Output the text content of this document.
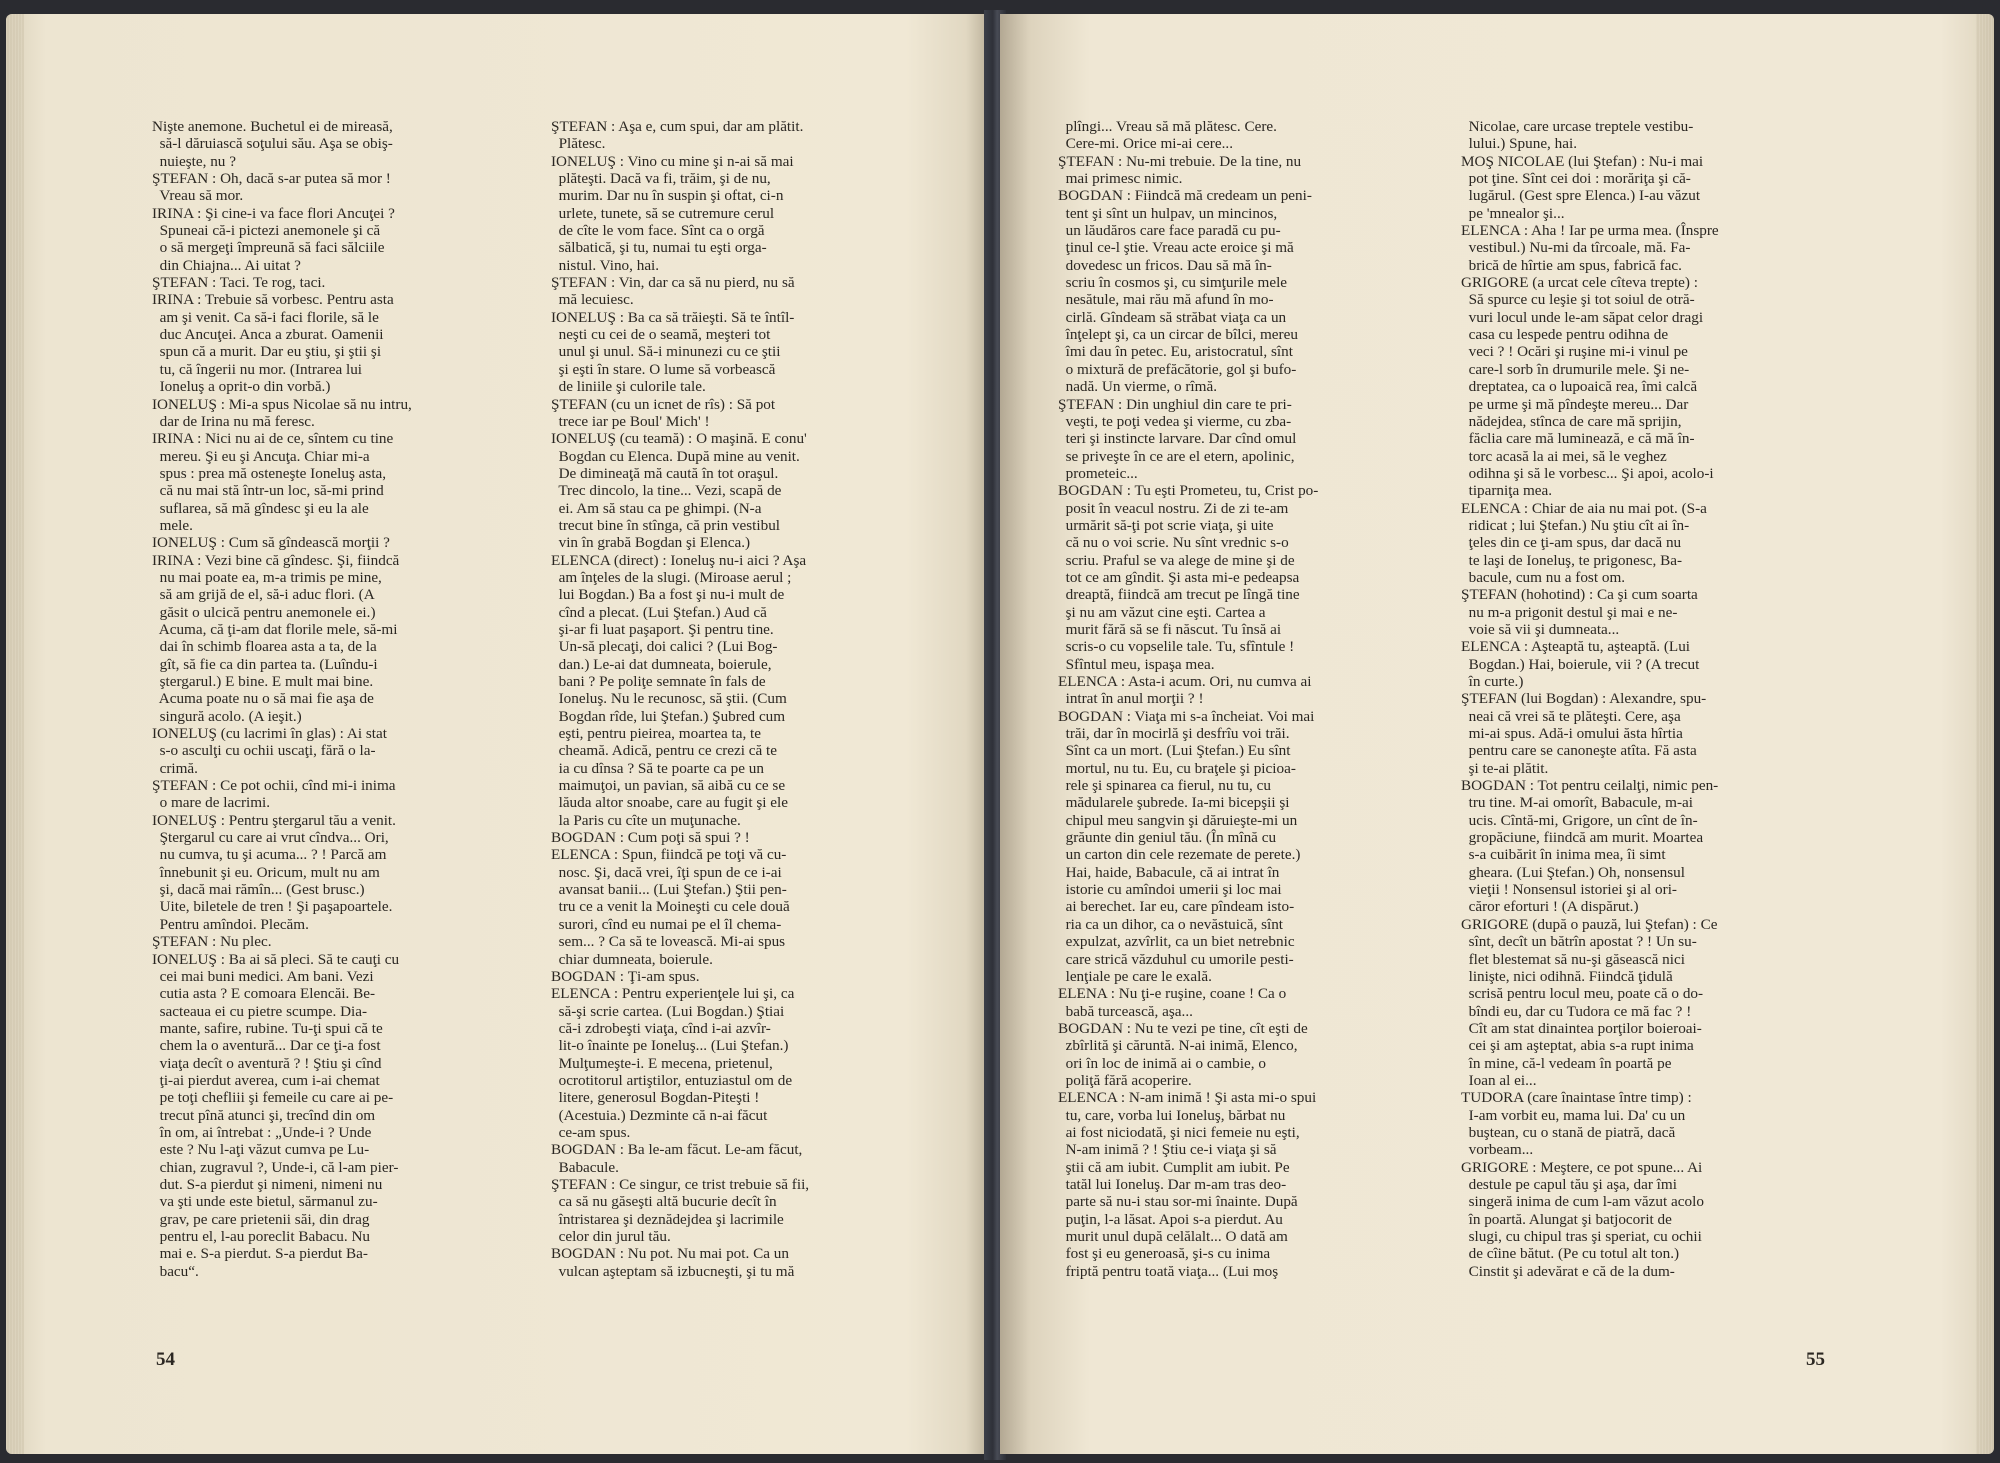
Nişte anemone. Buchetul ei de mireasă,
să-l dăruiască soţului său. Aşa se obiş-
nuieşte, nu ?
ŞTEFAN : Oh, dacă s-ar putea să mor !
Vreau să mor.
IRINA : Şi cine-i va face flori Ancuţei ?
Spuneai că-i pictezi anemonele şi că
o să mergeţi împreună să faci sălciile
din Chiajna... Ai uitat ?
ŞTEFAN : Taci. Te rog, taci.
IRINA : Trebuie să vorbesc. Pentru asta
am şi venit. Ca să-i faci florile, să le
duc Ancuţei. Anca a zburat. Oamenii
spun că a murit. Dar eu ştiu, şi ştii şi
tu, că îngerii nu mor. (Intrarea lui
Ioneluş a oprit-o din vorbă.)
IONELUŞ : Mi-a spus Nicolae să nu intru,
dar de Irina nu mă feresc.
IRINA : Nici nu ai de ce, sîntem cu tine
mereu. Şi eu şi Ancuţa. Chiar mi-a
spus : prea mă osteneşte Ioneluş asta,
că nu mai stă într-un loc, să-mi prind
suflarea, să mă gîndesc şi eu la ale
mele.
IONELUŞ : Cum să gîndească morţii ?
IRINA : Vezi bine că gîndesc. Şi, fiindcă
nu mai poate ea, m-a trimis pe mine,
să am grijă de el, să-i aduc flori. (A
găsit o ulcică pentru anemonele ei.)
Acuma, că ţi-am dat florile mele, să-mi
dai în schimb floarea asta a ta, de la
gît, să fie ca din partea ta. (Luîndu-i
ştergarul.) E bine. E mult mai bine.
Acuma poate nu o să mai fie aşa de
singură acolo. (A ieşit.)
IONELUŞ (cu lacrimi în glas) : Ai stat
s-o asculţi cu ochii uscaţi, fără o la-
crimă.
ŞTEFAN : Ce pot ochii, cînd mi-i inima
o mare de lacrimi.
IONELUŞ : Pentru ştergarul tău a venit.
Ştergarul cu care ai vrut cîndva... Ori,
nu cumva, tu şi acuma... ? ! Parcă am
înnebunit şi eu. Oricum, mult nu am
şi, dacă mai rămîn... (Gest brusc.)
Uite, biletele de tren ! Şi paşapoartele.
Pentru amîndoi. Plecăm.
ŞTEFAN : Nu plec.
IONELUŞ : Ba ai să pleci. Să te cauţi cu
cei mai buni medici. Am bani. Vezi
cutia asta ? E comoara Elencăi. Be-
sacteaua ei cu pietre scumpe. Dia-
mante, safire, rubine. Tu-ţi spui că te
chem la o aventură... Dar ce ţi-a fost
viaţa decît o aventură ? ! Ştiu şi cînd
ţi-ai pierdut averea, cum i-ai chemat
pe toţi chefliii şi femeile cu care ai pe-
trecut pînă atunci şi, trecînd din om
în om, ai întrebat : „Unde-i ? Unde
este ? Nu l-aţi văzut cumva pe Lu-
chian, zugravul ?, Unde-i, că l-am pier-
dut. S-a pierdut şi nimeni, nimeni nu
va şti unde este bietul, sărmanul zu-
grav, pe care prietenii săi, din drag
pentru el, l-au poreclit Babacu. Nu
mai e. S-a pierdut. S-a pierdut Ba-
bacu“.
ŞTEFAN : Aşa e, cum spui, dar am plătit.
Plătesc.
IONELUŞ : Vino cu mine şi n-ai să mai
plăteşti. Dacă va fi, trăim, şi de nu,
murim. Dar nu în suspin şi oftat, ci-n
urlete, tunete, să se cutremure cerul
de cîte le vom face. Sînt ca o orgă
sălbatică, şi tu, numai tu eşti orga-
nistul. Vino, hai.
ŞTEFAN : Vin, dar ca să nu pierd, nu să
mă lecuiesc.
IONELUŞ : Ba ca să trăieşti. Să te întîl-
neşti cu cei de o seamă, meşteri tot
unul şi unul. Să-i minunezi cu ce ştii
şi eşti în stare. O lume să vorbească
de liniile şi culorile tale.
ŞTEFAN (cu un icnet de rîs) : Să pot
trece iar pe Boul' Mich' !
IONELUŞ (cu teamă) : O maşină. E conu'
Bogdan cu Elenca. După mine au venit.
De dimineaţă mă caută în tot oraşul.
Trec dincolo, la tine... Vezi, scapă de
ei. Am să stau ca pe ghimpi. (N-a
trecut bine în stînga, că prin vestibul
vin în grabă Bogdan şi Elenca.)
ELENCA (direct) : Ioneluş nu-i aici ? Aşa
am înţeles de la slugi. (Miroase aerul ;
lui Bogdan.) Ba a fost şi nu-i mult de
cînd a plecat. (Lui Ştefan.) Aud că
şi-ar fi luat paşaport. Şi pentru tine.
Un-să plecaţi, doi calici ? (Lui Bog-
dan.) Le-ai dat dumneata, boierule,
bani ? Pe poliţe semnate în fals de
Ioneluş. Nu le recunosc, să ştii. (Cum
Bogdan rîde, lui Ştefan.) Şubred cum
eşti, pentru pieirea, moartea ta, te
cheamă. Adică, pentru ce crezi că te
ia cu dînsa ? Să te poarte ca pe un
maimuţoi, un pavian, să aibă cu ce se
lăuda altor snoabe, care au fugit şi ele
la Paris cu cîte un muţunache.
BOGDAN : Cum poţi să spui ? !
ELENCA : Spun, fiindcă pe toţi vă cu-
nosc. Şi, dacă vrei, îţi spun de ce i-ai
avansat banii... (Lui Ştefan.) Ştii pen-
tru ce a venit la Moineşti cu cele două
surori, cînd eu numai pe el îl chema-
sem... ? Ca să te lovească. Mi-ai spus
chiar dumneata, boierule.
BOGDAN : Ţi-am spus.
ELENCA : Pentru experienţele lui şi, ca
să-şi scrie cartea. (Lui Bogdan.) Ştiai
că-i zdrobeşti viaţa, cînd i-ai azvîr-
lit-o înainte pe Ioneluş... (Lui Ştefan.)
Mulţumeşte-i. E mecena, prietenul,
ocrotitorul artiştilor, entuziastul om de
litere, generosul Bogdan-Piteşti !
(Acestuia.) Dezminte că n-ai făcut
ce-am spus.
BOGDAN : Ba le-am făcut. Le-am făcut,
Babacule.
ŞTEFAN : Ce singur, ce trist trebuie să fii,
ca să nu găseşti altă bucurie decît în
întristarea şi deznădejdea şi lacrimile
celor din jurul tău.
BOGDAN : Nu pot. Nu mai pot. Ca un
vulcan aşteptam să izbucneşti, şi tu mă
54
plîngi... Vreau să mă plătesc. Cere.
Cere-mi. Orice mi-ai cere...
ŞTEFAN : Nu-mi trebuie. De la tine, nu
mai primesc nimic.
BOGDAN : Fiindcă mă credeam un peni-
tent şi sînt un hulpav, un mincinos,
un lăudăros care face paradă cu pu-
ţinul ce-l ştie. Vreau acte eroice şi mă
dovedesc un fricos. Dau să mă în-
scriu în cosmos şi, cu simţurile mele
nesătule, mai rău mă afund în mo-
cirlă. Gîndeam să străbat viaţa ca un
înţelept şi, ca un circar de bîlci, mereu
îmi dau în petec. Eu, aristocratul, sînt
o mixtură de prefăcătorie, gol şi bufo-
nadă. Un vierme, o rîmă.
ŞTEFAN : Din unghiul din care te pri-
veşti, te poţi vedea şi vierme, cu zba-
teri şi instincte larvare. Dar cînd omul
se priveşte în ce are el etern, apolinic,
prometeic...
BOGDAN : Tu eşti Prometeu, tu, Crist po-
posit în veacul nostru. Zi de zi te-am
urmărit să-ţi pot scrie viaţa, şi uite
că nu o voi scrie. Nu sînt vrednic s-o
scriu. Praful se va alege de mine şi de
tot ce am gîndit. Şi asta mi-e pedeapsa
dreaptă, fiindcă am trecut pe lîngă tine
şi nu am văzut cine eşti. Cartea a
murit fără să se fi născut. Tu însă ai
scris-o cu vopselile tale. Tu, sfîntule !
Sfîntul meu, ispaşa mea.
ELENCA : Asta-i acum. Ori, nu cumva ai
intrat în anul morţii ? !
BOGDAN : Viaţa mi s-a încheiat. Voi mai
trăi, dar în mocirlă şi desfrîu voi trăi.
Sînt ca un mort. (Lui Ştefan.) Eu sînt
mortul, nu tu. Eu, cu braţele şi picioa-
rele şi spinarea ca fierul, nu tu, cu
mădularele şubrede. Ia-mi bicepşii şi
chipul meu sangvin şi dăruieşte-mi un
grăunte din geniul tău. (În mînă cu
un carton din cele rezemate de perete.)
Hai, haide, Babacule, că ai intrat în
istorie cu amîndoi umerii şi loc mai
ai berechet. Iar eu, care pîndeam isto-
ria ca un dihor, ca o nevăstuică, sînt
expulzat, azvîrlit, ca un biet netrebnic
care strică văzduhul cu umorile pesti-
lenţiale pe care le exală.
ELENA : Nu ţi-e ruşine, coane ! Ca o
babă turcească, aşa...
BOGDAN : Nu te vezi pe tine, cît eşti de
zbîrlită şi căruntă. N-ai inimă, Elenco,
ori în loc de inimă ai o cambie, o
poliţă fără acoperire.
ELENCA : N-am inimă ! Şi asta mi-o spui
tu, care, vorba lui Ioneluş, bărbat nu
ai fost niciodată, şi nici femeie nu eşti,
N-am inimă ? ! Ştiu ce-i viaţa şi să
ştii că am iubit. Cumplit am iubit. Pe
tatăl lui Ioneluş. Dar m-am tras deo-
parte să nu-i stau sor-mi înainte. După
puţin, l-a lăsat. Apoi s-a pierdut. Au
murit unul după celălalt... O dată am
fost şi eu generoasă, şi-s cu inima
friptă pentru toată viaţa... (Lui moş
Nicolae, care urcase treptele vestibu-
lului.) Spune, hai.
MOŞ NICOLAE (lui Ştefan) : Nu-i mai
pot ţine. Sînt cei doi : morăriţa şi că-
lugărul. (Gest spre Elenca.) I-au văzut
pe 'mnealor şi...
ELENCA : Aha ! Iar pe urma mea. (Înspre
vestibul.) Nu-mi da tîrcoale, mă. Fa-
brică de hîrtie am spus, fabrică fac.
GRIGORE (a urcat cele cîteva trepte) :
Să spurce cu leşie şi tot soiul de otră-
vuri locul unde le-am săpat celor dragi
casa cu lespede pentru odihna de
veci ? ! Ocări şi ruşine mi-i vinul pe
care-l sorb în drumurile mele. Şi ne-
dreptatea, ca o lupoaică rea, îmi calcă
pe urme şi mă pîndeşte mereu... Dar
nădejdea, stînca de care mă sprijin,
făclia care mă luminează, e că mă în-
torc acasă la ai mei, să le veghez
odihna şi să le vorbesc... Şi apoi, acolo-i
tiparniţa mea.
ELENCA : Chiar de aia nu mai pot. (S-a
ridicat ; lui Ştefan.) Nu ştiu cît ai în-
ţeles din ce ţi-am spus, dar dacă nu
te laşi de Ioneluş, te prigonesc, Ba-
bacule, cum nu a fost om.
ŞTEFAN (hohotind) : Ca şi cum soarta
nu m-a prigonit destul şi mai e ne-
voie să vii şi dumneata...
ELENCA : Aşteaptă tu, aşteaptă. (Lui
Bogdan.) Hai, boierule, vii ? (A trecut
în curte.)
ŞTEFAN (lui Bogdan) : Alexandre, spu-
neai că vrei să te plăteşti. Cere, aşa
mi-ai spus. Adă-i omului ăsta hîrtia
pentru care se canoneşte atîta. Fă asta
şi te-ai plătit.
BOGDAN : Tot pentru ceilalţi, nimic pen-
tru tine. M-ai omorît, Babacule, m-ai
ucis. Cîntă-mi, Grigore, un cînt de în-
gropăciune, fiindcă am murit. Moartea
s-a cuibărit în inima mea, îi simt
gheara. (Lui Ştefan.) Oh, nonsensul
vieţii ! Nonsensul istoriei şi al ori-
căror eforturi ! (A dispărut.)
GRIGORE (după o pauză, lui Ştefan) : Ce
sînt, decît un bătrîn apostat ? ! Un su-
flet blestemat să nu-şi găsească nici
linişte, nici odihnă. Fiindcă ţidulă
scrisă pentru locul meu, poate că o do-
bîndi eu, dar cu Tudora ce mă fac ? !
Cît am stat dinaintea porţilor boieroai-
cei şi am aşteptat, abia s-a rupt inima
în mine, că-l vedeam în poartă pe
Ioan al ei...
TUDORA (care înaintase între timp) :
I-am vorbit eu, mama lui. Da' cu un
buştean, cu o stană de piatră, dacă
vorbeam...
GRIGORE : Meştere, ce pot spune... Ai
destule pe capul tău şi aşa, dar îmi
singeră inima de cum l-am văzut acolo
în poartă. Alungat şi batjocorit de
slugi, cu chipul tras şi speriat, cu ochii
de cîine bătut. (Pe cu totul alt ton.)
Cinstit şi adevărat e că de la dum-
55
